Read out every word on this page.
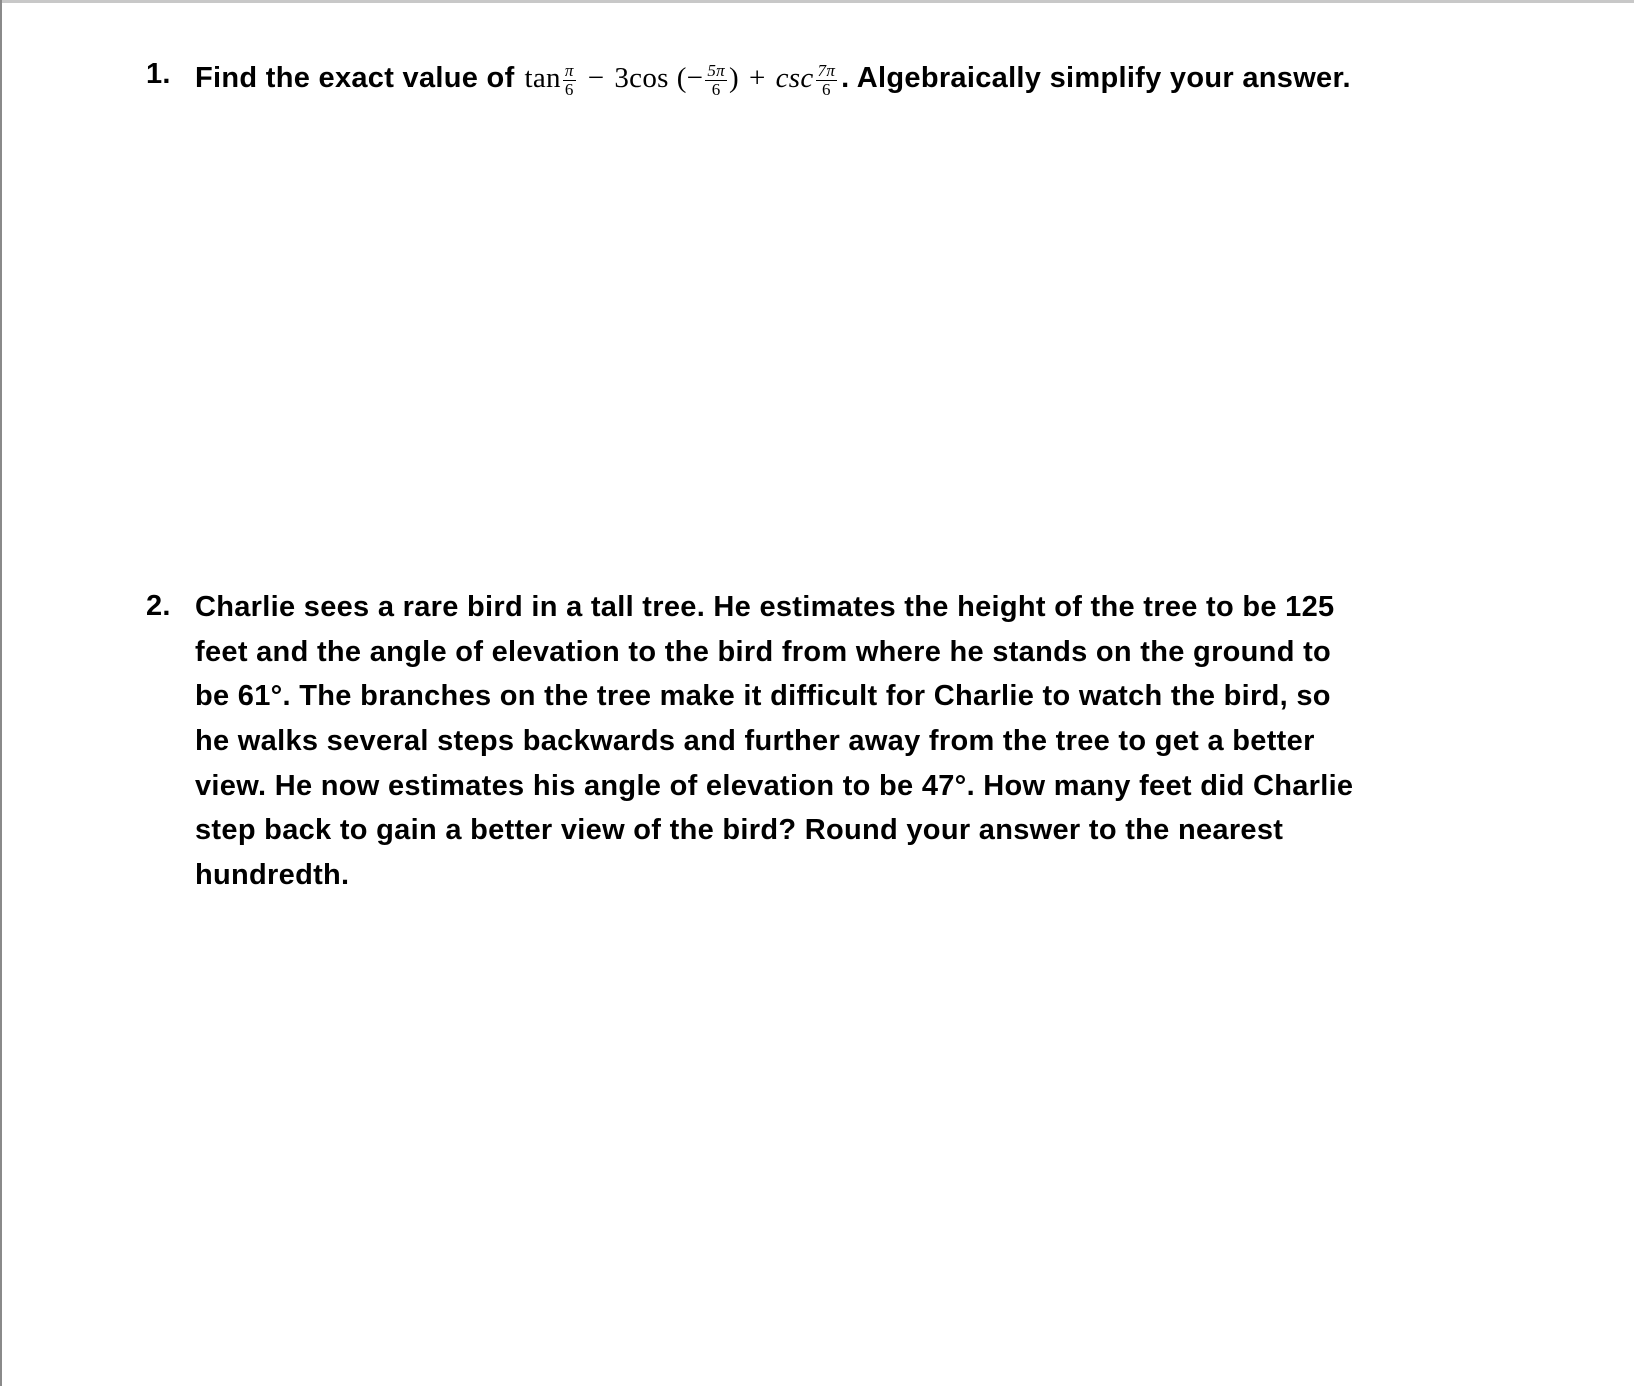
1. Find the exact value of $\tan \frac{\pi}{6} - 3\cos$ (− $\frac{5\pi}{6}$ ) + $\csc \frac{7\pi}{6}$ . Algebraically simplify your answer.
2. Charlie sees a rare bird in a tall tree. He estimates the height of the tree to be 125
feet and the angle of elevation to the bird from where he stands on the ground to
be 61°. The branches on the tree make it difficult for Charlie to watch the bird, so
he walks several steps backwards and further away from the tree to get a better
view. He now estimates his angle of elevation to be 47°. How many feet did Charlie
step back to gain a better view of the bird? Round your answer to the nearest
hundredth.
